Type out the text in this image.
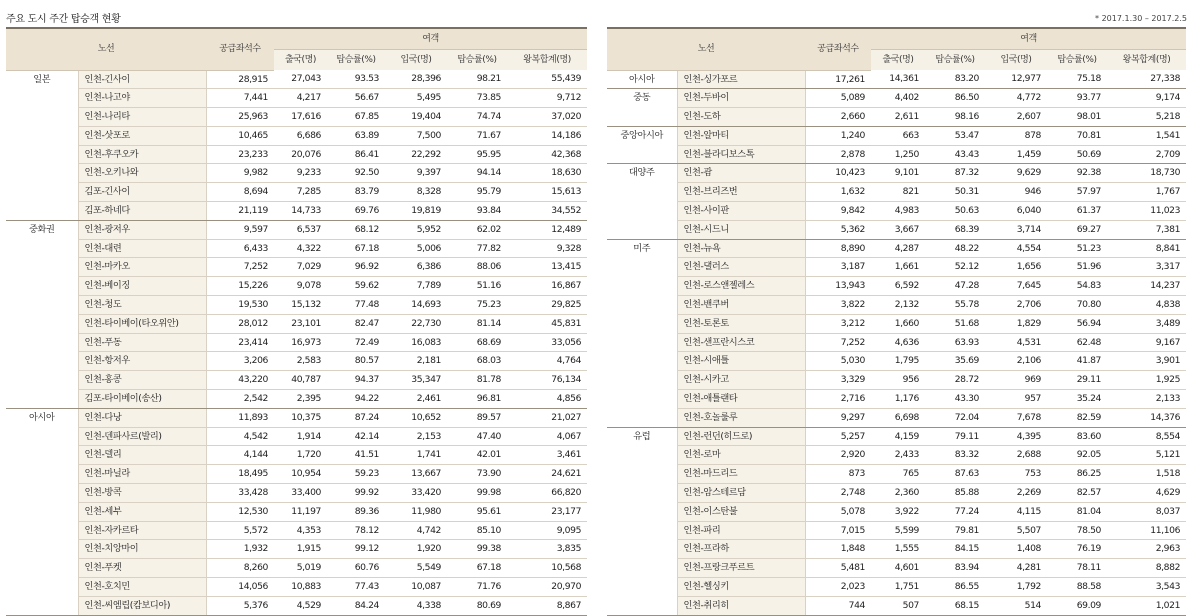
주요 도시 주간 탑승객 현황	* 2017.1.30 – 2017.2.5
노선		공급좌석수	여객				
			출국(명)	탑승률(%)	입국(명)	탑승률(%)	왕복합계(명)
일본	인천-긴사이	28,915	27,043	93.53	28,396	98.21	55,439
	인천-나고야	7,441	4,217	56.67	5,495	73.85	9,712
	인천-나리타	25,963	17,616	67.85	19,404	74.74	37,020
	인천-삿포로	10,465	6,686	63.89	7,500	71.67	14,186
	인천-후쿠오카	23,233	20,076	86.41	22,292	95.95	42,368
	인천-오키나와	9,982	9,233	92.50	9,397	94.14	18,630
	김포-긴사이	8,694	7,285	83.79	8,328	95.79	15,613
	김포-하네다	21,119	14,733	69.76	19,819	93.84	34,552
중화권	인천-광저우	9,597	6,537	68.12	5,952	62.02	12,489
	인천-대련	6,433	4,322	67.18	5,006	77.82	9,328
	인천-마카오	7,252	7,029	96.92	6,386	88.06	13,415
	인천-베이징	15,226	9,078	59.62	7,789	51.16	16,867
	인천-청도	19,530	15,132	77.48	14,693	75.23	29,825
	인천-타이베이(타오위안)	28,012	23,101	82.47	22,730	81.14	45,831
	인천-푸동	23,414	16,973	72.49	16,083	68.69	33,056
	인천-항저우	3,206	2,583	80.57	2,181	68.03	4,764
	인천-홍콩	43,220	40,787	94.37	35,347	81.78	76,134
	김포-타이베이(송산)	2,542	2,395	94.22	2,461	96.81	4,856
아시아	인천-다낭	11,893	10,375	87.24	10,652	89.57	21,027
	인천-덴파사르(발리)	4,542	1,914	42.14	2,153	47.40	4,067
	인천-델리	4,144	1,720	41.51	1,741	42.01	3,461
	인천-마닐라	18,495	10,954	59.23	13,667	73.90	24,621
	인천-방콕	33,428	33,400	99.92	33,420	99.98	66,820
	인천-세부	12,530	11,197	89.36	11,980	95.61	23,177
	인천-자카르타	5,572	4,353	78.12	4,742	85.10	9,095
	인천-치앙마이	1,932	1,915	99.12	1,920	99.38	3,835
	인천-푸켓	8,260	5,019	60.76	5,549	67.18	10,568
	인천-호치민	14,056	10,883	77.43	10,087	71.76	20,970
	인천-씨엠립(캄보디아)	5,376	4,529	84.24	4,338	80.69	8,867
노선		공급좌석수	여객				
			출국(명)	탑승률(%)	입국(명)	탑승률(%)	왕복합계(명)
아시아	인천-싱가포르	17,261	14,361	83.20	12,977	75.18	27,338
중동	인천-두바이	5,089	4,402	86.50	4,772	93.77	9,174
	인천-도하	2,660	2,611	98.16	2,607	98.01	5,218
중앙아시아	인천-알마티	1,240	663	53.47	878	70.81	1,541
	인천-블라디보스톡	2,878	1,250	43.43	1,459	50.69	2,709
대양주	인천-괌	10,423	9,101	87.32	9,629	92.38	18,730
	인천-브리즈번	1,632	821	50.31	946	57.97	1,767
	인천-사이판	9,842	4,983	50.63	6,040	61.37	11,023
	인천-시드니	5,362	3,667	68.39	3,714	69.27	7,381
미주	인천-뉴욕	8,890	4,287	48.22	4,554	51.23	8,841
	인천-댈러스	3,187	1,661	52.12	1,656	51.96	3,317
	인천-로스앤젤레스	13,943	6,592	47.28	7,645	54.83	14,237
	인천-밴쿠버	3,822	2,132	55.78	2,706	70.80	4,838
	인천-토론토	3,212	1,660	51.68	1,829	56.94	3,489
	인천-샌프란시스코	7,252	4,636	63.93	4,531	62.48	9,167
	인천-시애틀	5,030	1,795	35.69	2,106	41.87	3,901
	인천-시카고	3,329	956	28.72	969	29.11	1,925
	인천-애틀랜타	2,716	1,176	43.30	957	35.24	2,133
	인천-호놀룰루	9,297	6,698	72.04	7,678	82.59	14,376
유럽	인천-런던(히드로)	5,257	4,159	79.11	4,395	83.60	8,554
	인천-로마	2,920	2,433	83.32	2,688	92.05	5,121
	인천-마드리드	873	765	87.63	753	86.25	1,518
	인천-암스테르담	2,748	2,360	85.88	2,269	82.57	4,629
	인천-이스탄불	5,078	3,922	77.24	4,115	81.04	8,037
	인천-파리	7,015	5,599	79.81	5,507	78.50	11,106
	인천-프라하	1,848	1,555	84.15	1,408	76.19	2,963
	인천-프랑크푸르트	5,481	4,601	83.94	4,281	78.11	8,882
	인천-헬싱키	2,023	1,751	86.55	1,792	88.58	3,543
	인천-취리히	744	507	68.15	514	69.09	1,021
